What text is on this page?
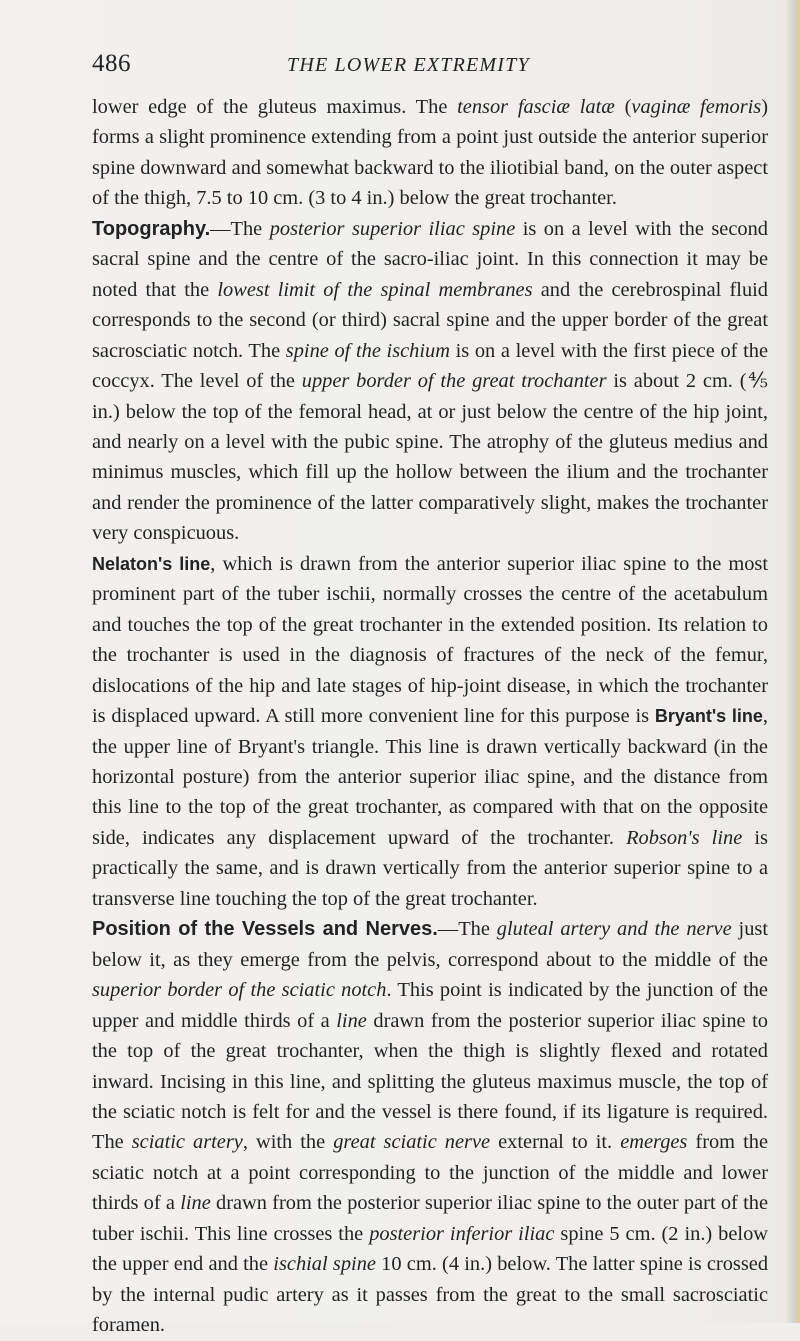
486	THE LOWER EXTREMITY

lower edge of the gluteus maximus. The tensor fasciæ latæ (vaginæ femoris) forms a slight prominence extending from a point just outside the anterior superior spine downward and somewhat backward to the iliotibial band, on the outer aspect of the thigh, 7.5 to 10 cm. (3 to 4 in.) below the great trochanter.

Topography.—The posterior superior iliac spine is on a level with the second sacral spine and the centre of the sacro-iliac joint. In this connection it may be noted that the lowest limit of the spinal membranes and the cerebrospinal fluid corresponds to the second (or third) sacral spine and the upper border of the great sacrosciatic notch. The spine of the ischium is on a level with the first piece of the coccyx. The level of the upper border of the great trochanter is about 2 cm. (⅘ in.) below the top of the femoral head, at or just below the centre of the hip joint, and nearly on a level with the pubic spine. The atrophy of the gluteus medius and minimus muscles, which fill up the hollow between the ilium and the trochanter and render the prominence of the latter comparatively slight, makes the trochanter very conspicuous.

Nelaton's line, which is drawn from the anterior superior iliac spine to the most prominent part of the tuber ischii, normally crosses the centre of the acetabulum and touches the top of the great trochanter in the extended position. Its relation to the trochanter is used in the diagnosis of fractures of the neck of the femur, dislocations of the hip and late stages of hip-joint disease, in which the trochanter is displaced upward. A still more convenient line for this purpose is Bryant's line, the upper line of Bryant's triangle. This line is drawn vertically backward (in the horizontal posture) from the anterior superior iliac spine, and the distance from this line to the top of the great trochanter, as compared with that on the opposite side, indicates any displacement upward of the trochanter. Robson's line is practically the same, and is drawn vertically from the anterior superior spine to a transverse line touching the top of the great trochanter.

Position of the Vessels and Nerves.—The gluteal artery and the nerve just below it, as they emerge from the pelvis, correspond about to the middle of the superior border of the sciatic notch. This point is indicated by the junction of the upper and middle thirds of a line drawn from the posterior superior iliac spine to the top of the great trochanter, when the thigh is slightly flexed and rotated inward. Incising in this line, and splitting the gluteus maximus muscle, the top of the sciatic notch is felt for and the vessel is there found, if its ligature is required. The sciatic artery, with the great sciatic nerve external to it. emerges from the sciatic notch at a point corresponding to the junction of the middle and lower thirds of a line drawn from the posterior superior iliac spine to the outer part of the tuber ischii. This line crosses the posterior inferior iliac spine 5 cm. (2 in.) below the upper end and the ischial spine 10 cm. (4 in.) below. The latter spine is crossed by the internal pudic artery as it passes from the great to the small sacrosciatic foramen.
